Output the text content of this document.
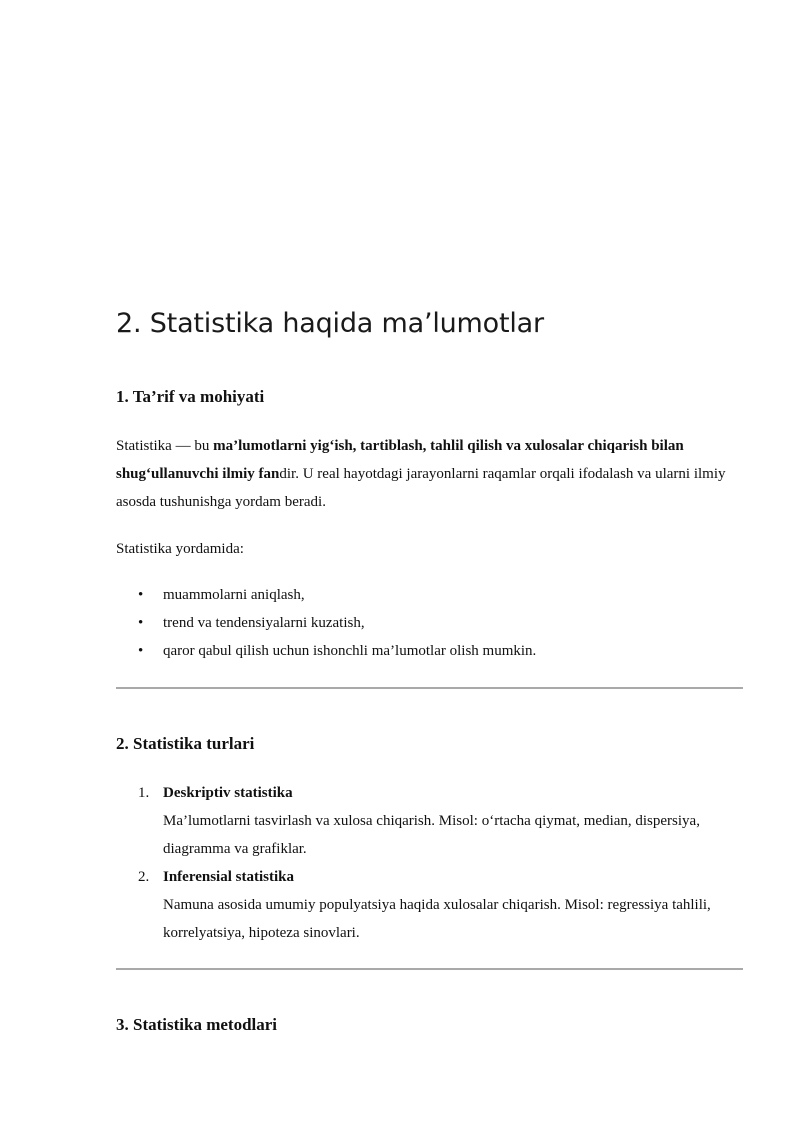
2. Statistika haqida ma’lumotlar
1. Ta’rif va mohiyati
Statistika — bu ma’lumotlarni yig‘ish, tartiblash, tahlil qilish va xulosalar chiqarish bilan shug‘ullanuvchi ilmiy fandir. U real hayotdagi jarayonlarni raqamlar orqali ifodalash va ularni ilmiy asosda tushunishga yordam beradi.
Statistika yordamida:
• muammolarni aniqlash,
• trend va tendensiyalarni kuzatish,
• qaror qabul qilish uchun ishonchli ma’lumotlar olish mumkin.
2. Statistika turlari
1. Deskriptiv statistika
Ma’lumotlarni tasvirlash va xulosa chiqarish. Misol: o‘rtacha qiymat, median, dispersiya, diagramma va grafiklar.
2. Inferensial statistika
Namuna asosida umumiy populyatsiya haqida xulosalar chiqarish. Misol: regressiya tahlili, korrelyatsiya, hipoteza sinovlari.
3. Statistika metodlari
